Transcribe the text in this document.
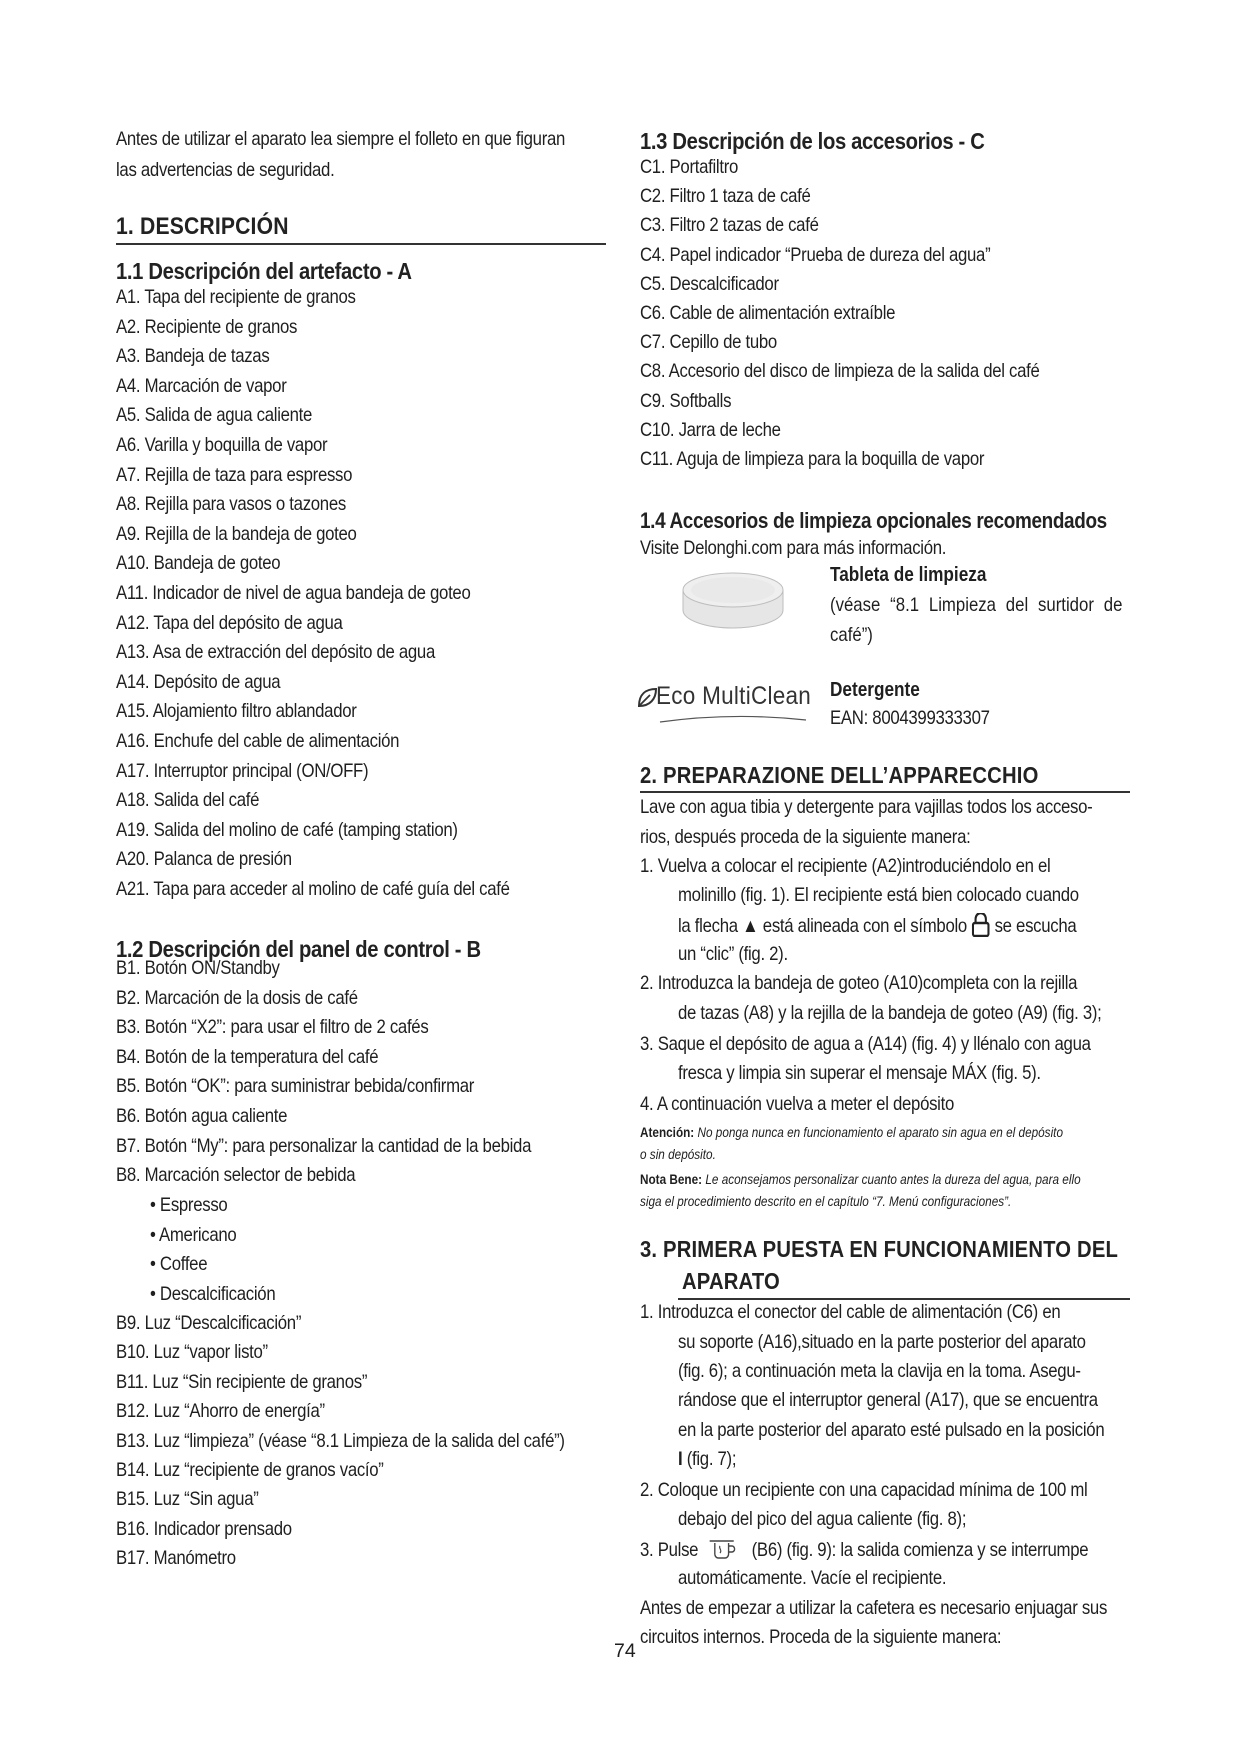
Antes de utilizar el aparato lea siempre el folleto en que figuran
las advertencias de seguridad.
1. DESCRIPCIÓN
1.1 Descripción del artefacto - A
A1. Tapa del recipiente de granos
A2. Recipiente de granos
A3. Bandeja de tazas
A4. Marcación de vapor
A5. Salida de agua caliente
A6. Varilla y boquilla de vapor
A7. Rejilla de taza para espresso
A8. Rejilla para vasos o tazones
A9. Rejilla de la bandeja de goteo
A10. Bandeja de goteo
A11. Indicador de nivel de agua bandeja de goteo
A12. Tapa del depósito de agua
A13. Asa de extracción del depósito de agua
A14. Depósito de agua
A15. Alojamiento filtro ablandador
A16. Enchufe del cable de alimentación
A17. Interruptor principal (ON/OFF)
A18. Salida del café
A19. Salida del molino de café (tamping station)
A20. Palanca de presión
A21. Tapa para acceder al molino de café guía del café
1.2 Descripción del panel de control - B
B1. Botón ON/Standby
B2. Marcación de la dosis de café
B3. Botón “X2”: para usar el filtro de 2 cafés
B4. Botón de la temperatura del café
B5. Botón “OK”: para suministrar bebida/confirmar
B6. Botón agua caliente
B7. Botón “My”: para personalizar la cantidad de la bebida
B8. Marcación selector de bebida
• Espresso
• Americano
• Coffee
• Descalcificación
B9. Luz “Descalcificación”
B10. Luz “vapor listo”
B11. Luz “Sin recipiente de granos”
B12. Luz “Ahorro de energía”
B13. Luz “limpieza” (véase “8.1 Limpieza de la salida del café”)
B14. Luz “recipiente de granos vacío”
B15. Luz “Sin agua”
B16. Indicador prensado
B17. Manómetro
1.3 Descripción de los accesorios - C
C1. Portafiltro
C2. Filtro 1 taza de café
C3. Filtro 2 tazas de café
C4. Papel indicador “Prueba de dureza del agua”
C5. Descalcificador
C6. Cable de alimentación extraíble
C7. Cepillo de tubo
C8. Accesorio del disco de limpieza de la salida del café
C9. Softballs
C10. Jarra de leche
C11. Aguja de limpieza para la boquilla de vapor
1.4 Accesorios de limpieza opcionales recomendados
Visite Delonghi.com para más información.
Tableta de limpieza
(véase “8.1 Limpieza del surtidor de
café”)
Eco MultiClean Detergente
EAN: 8004399333307
2. PREPARAZIONE DELL’APPARECCHIO
Lave con agua tibia y detergente para vajillas todos los acceso-
rios, después proceda de la siguiente manera:
1. Vuelva a colocar el recipiente (A2)introduciéndolo en el
molinillo (fig. 1). El recipiente está bien colocado cuando
la flecha ▲ está alineada con el símbolo se escucha
un “clic” (fig. 2).
2. Introduzca la bandeja de goteo (A10)completa con la rejilla
de tazas (A8) y la rejilla de la bandeja de goteo (A9) (fig. 3);
3. Saque el depósito de agua a (A14) (fig. 4) y llénalo con agua
fresca y limpia sin superar el mensaje MÁX (fig. 5).
4. A continuación vuelva a meter el depósito
Atención: No ponga nunca en funcionamiento el aparato sin agua en el depósito
o sin depósito.
Nota Bene: Le aconsejamos personalizar cuanto antes la dureza del agua, para ello
siga el procedimiento descrito en el capítulo “7. Menú configuraciones”.
3. PRIMERA PUESTA EN FUNCIONAMIENTO DEL
APARATO
1. Introduzca el conector del cable de alimentación (C6) en
su soporte (A16),situado en la parte posterior del aparato
(fig. 6); a continuación meta la clavija en la toma. Asegu-
rándose que el interruptor general (A17), que se encuentra
en la parte posterior del aparato esté pulsado en la posición
I (fig. 7);
2. Coloque un recipiente con una capacidad mínima de 100 ml
debajo del pico del agua caliente (fig. 8);
3. Pulse	(B6) (fig. 9): la salida comienza y se interrumpe
automáticamente. Vacíe el recipiente.
Antes de empezar a utilizar la cafetera es necesario enjuagar sus
circuitos internos. Proceda de la siguiente manera:
74
